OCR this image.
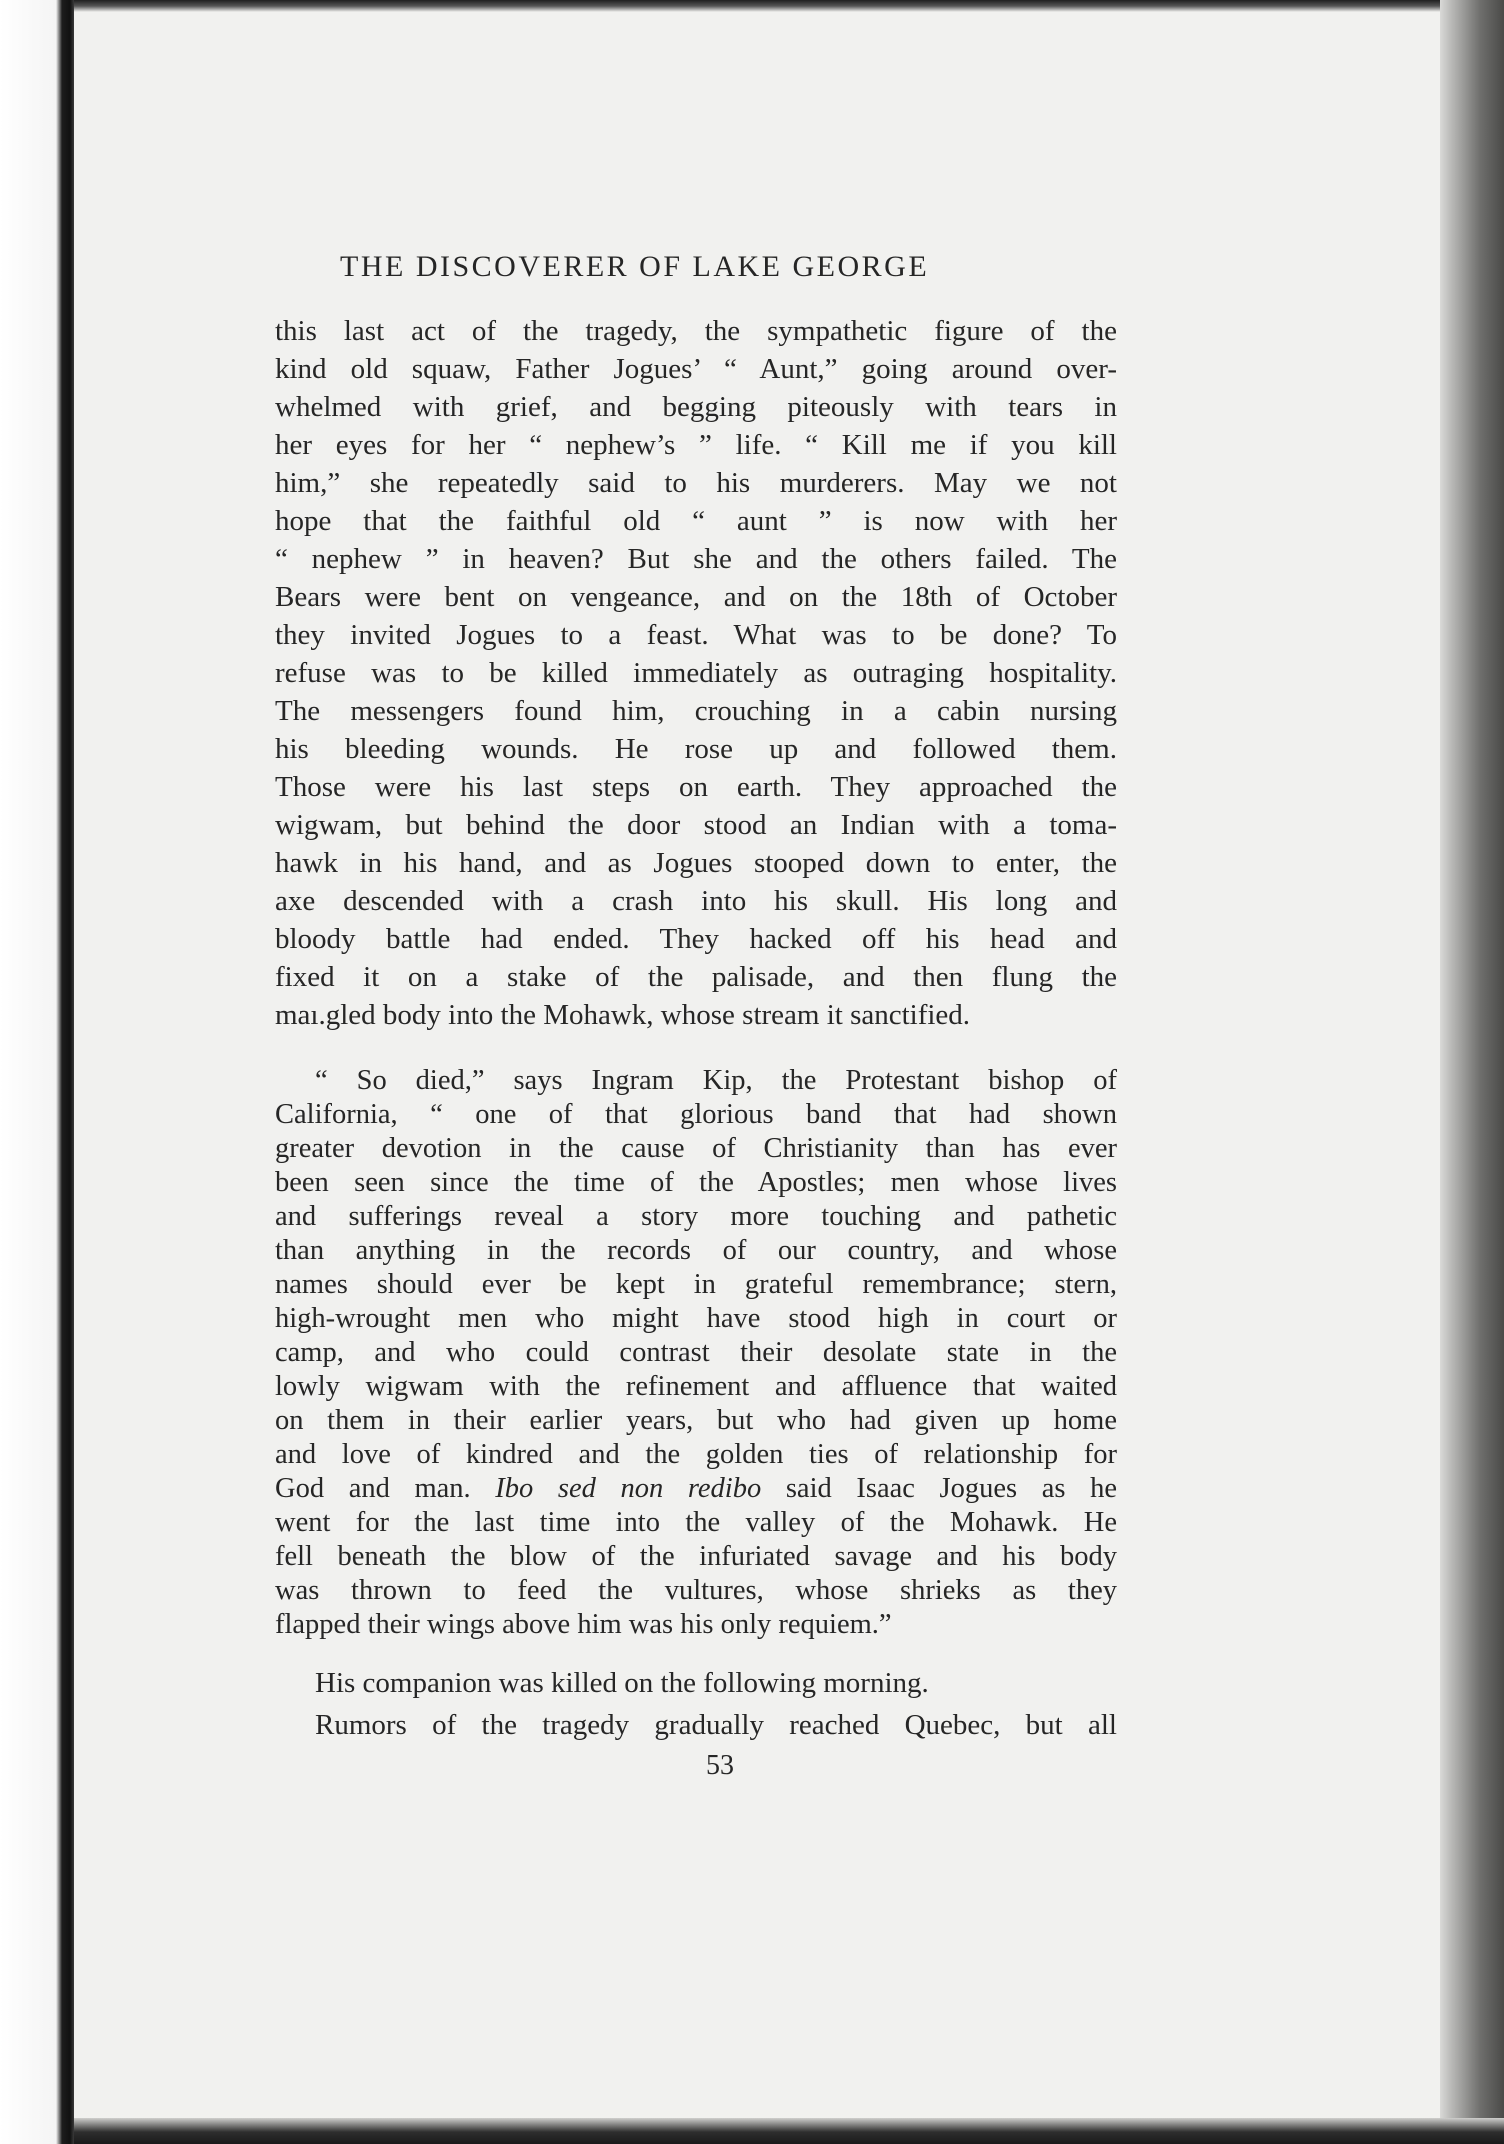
THE DISCOVERER OF LAKE GEORGE
this last act of the tragedy, the sympathetic figure of the
kind old squaw, Father Jogues’ “ Aunt,” going around over-
whelmed with grief, and begging piteously with tears in
her eyes for her “ nephew’s ” life. “ Kill me if you kill
him,” she repeatedly said to his murderers. May we not
hope that the faithful old “ aunt ” is now with her
“ nephew ” in heaven? But she and the others failed. The
Bears were bent on vengeance, and on the 18th of October
they invited Jogues to a feast. What was to be done? To
refuse was to be killed immediately as outraging hospitality.
The messengers found him, crouching in a cabin nursing
his bleeding wounds. He rose up and followed them.
Those were his last steps on earth. They approached the
wigwam, but behind the door stood an Indian with a toma-
hawk in his hand, and as Jogues stooped down to enter, the
axe descended with a crash into his skull. His long and
bloody battle had ended. They hacked off his head and
fixed it on a stake of the palisade, and then flung the
maı.gled body into the Mohawk, whose stream it sanctified.
“ So died,” says Ingram Kip, the Protestant bishop of
California, “ one of that glorious band that had shown
greater devotion in the cause of Christianity than has ever
been seen since the time of the Apostles; men whose lives
and sufferings reveal a story more touching and pathetic
than anything in the records of our country, and whose
names should ever be kept in grateful remembrance; stern,
high-wrought men who might have stood high in court or
camp, and who could contrast their desolate state in the
lowly wigwam with the refinement and affluence that waited
on them in their earlier years, but who had given up home
and love of kindred and the golden ties of relationship for
God and man. Ibo sed non redibo said Isaac Jogues as he
went for the last time into the valley of the Mohawk. He
fell beneath the blow of the infuriated savage and his body
was thrown to feed the vultures, whose shrieks as they
flapped their wings above him was his only requiem.”
His companion was killed on the following morning.
Rumors of the tragedy gradually reached Quebec, but all
53
